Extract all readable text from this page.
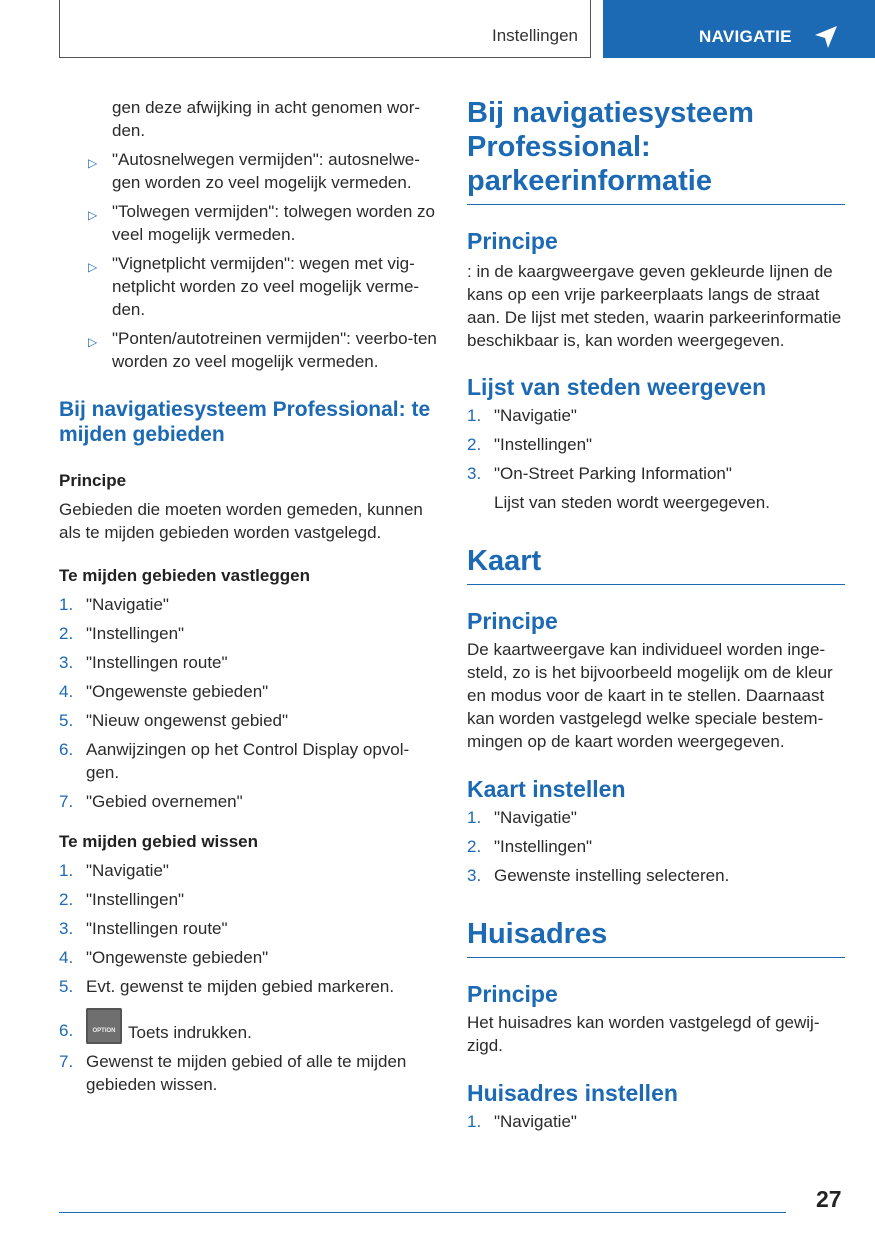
Instellingen	NAVIGATIE

gen deze afwijking in acht genomen wor-den.

▷ "Autosnelwegen vermijden": autosnelwe-gen worden zo veel mogelijk vermeden.
▷ "Tolwegen vermijden": tolwegen worden zo veel mogelijk vermeden.
▷ "Vignetplicht vermijden": wegen met vig-netplicht worden zo veel mogelijk verme-den.
▷ "Ponten/autotreinen vermijden": veerbo-ten worden zo veel mogelijk vermeden.
Bij navigatiesysteem Professional: te mijden gebieden
Principe

Gebieden die moeten worden gemeden, kunnen als te mijden gebieden worden vastgelegd.

Te mijden gebieden vastleggen
1. "Navigatie"
2. "Instellingen"
3. "Instellingen route"
4. "Ongewenste gebieden"
5. "Nieuw ongewenst gebied"
6. Aanwijzingen op het Control Display opvol-gen.
7. "Gebied overnemen"
Te mijden gebied wissen
1. "Navigatie"
2. "Instellingen"
3. "Instellingen route"
4. "Ongewenste gebieden"
5. Evt. gewenst te mijden gebied markeren.
6.	OPTION Toets indrukken.
7. Gewenst te mijden gebied of alle te mijden gebieden wissen.
Bij navigatiesysteem Professional: parkeerinformatie
Principe

: in de kaargweergave geven gekleurde lijnen de kans op een vrije parkeerplaats langs de straat aan. De lijst met steden, waarin parkeerinformatie beschikbaar is, kan worden weergegeven.

Lijst van steden weergeven
1. "Navigatie"
2. "Instellingen"
3. "On-Street Parking Information"

Lijst van steden wordt weergegeven.

Kaart
Principe

De kaartweergave kan individueel worden inge-steld, zo is het bijvoorbeeld mogelijk om de kleur en modus voor de kaart in te stellen. Daarnaast kan worden vastgelegd welke speciale bestem-mingen op de kaart worden weergegeven.

Kaart instellen
1. "Navigatie"
2. "Instellingen"
3. Gewenste instelling selecteren.
Huisadres
Principe

Het huisadres kan worden vastgelegd of gewij-zigd.

Huisadres instellen
1. "Navigatie"
27
